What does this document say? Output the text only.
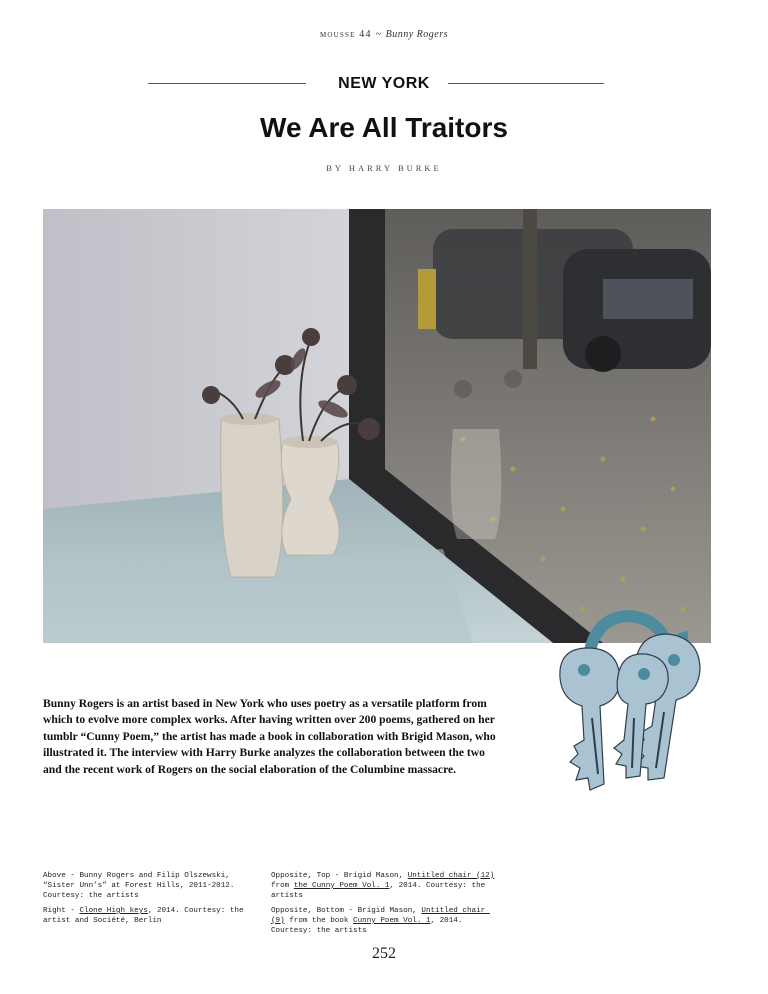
mousse 44 ~ Bunny Rogers
NEW YORK
We Are All Traitors
BY HARRY BURKE

Bunny Rogers is an artist based in New York who uses poetry as a versatile platform from which to evolve more complex works. After having written over 200 poems, gathered on her tumblr “Cunny Poem,” the artist has made a book in collaboration with Brigid Mason, who illustrated it. The interview with Harry Burke analyzes the collaboration between the two and the recent work of Rogers on the social elaboration of the Columbine massacre.

Above - Bunny Rogers and Filip Olszewski, “Sister Unn’s” at Forest Hills, 2011-2012. Courtesy: the artists
Right - Clone High keys, 2014. Courtesy: the artist and Société, Berlin
Opposite, Top - Brigid Mason, Untitled chair (12) from the Cunny Poem Vol. 1, 2014. Courtesy: the artists
Opposite, Bottom - Brigid Mason, Untitled chair (9) from the book Cunny Poem Vol. 1, 2014. Courtesy: the artists
252
